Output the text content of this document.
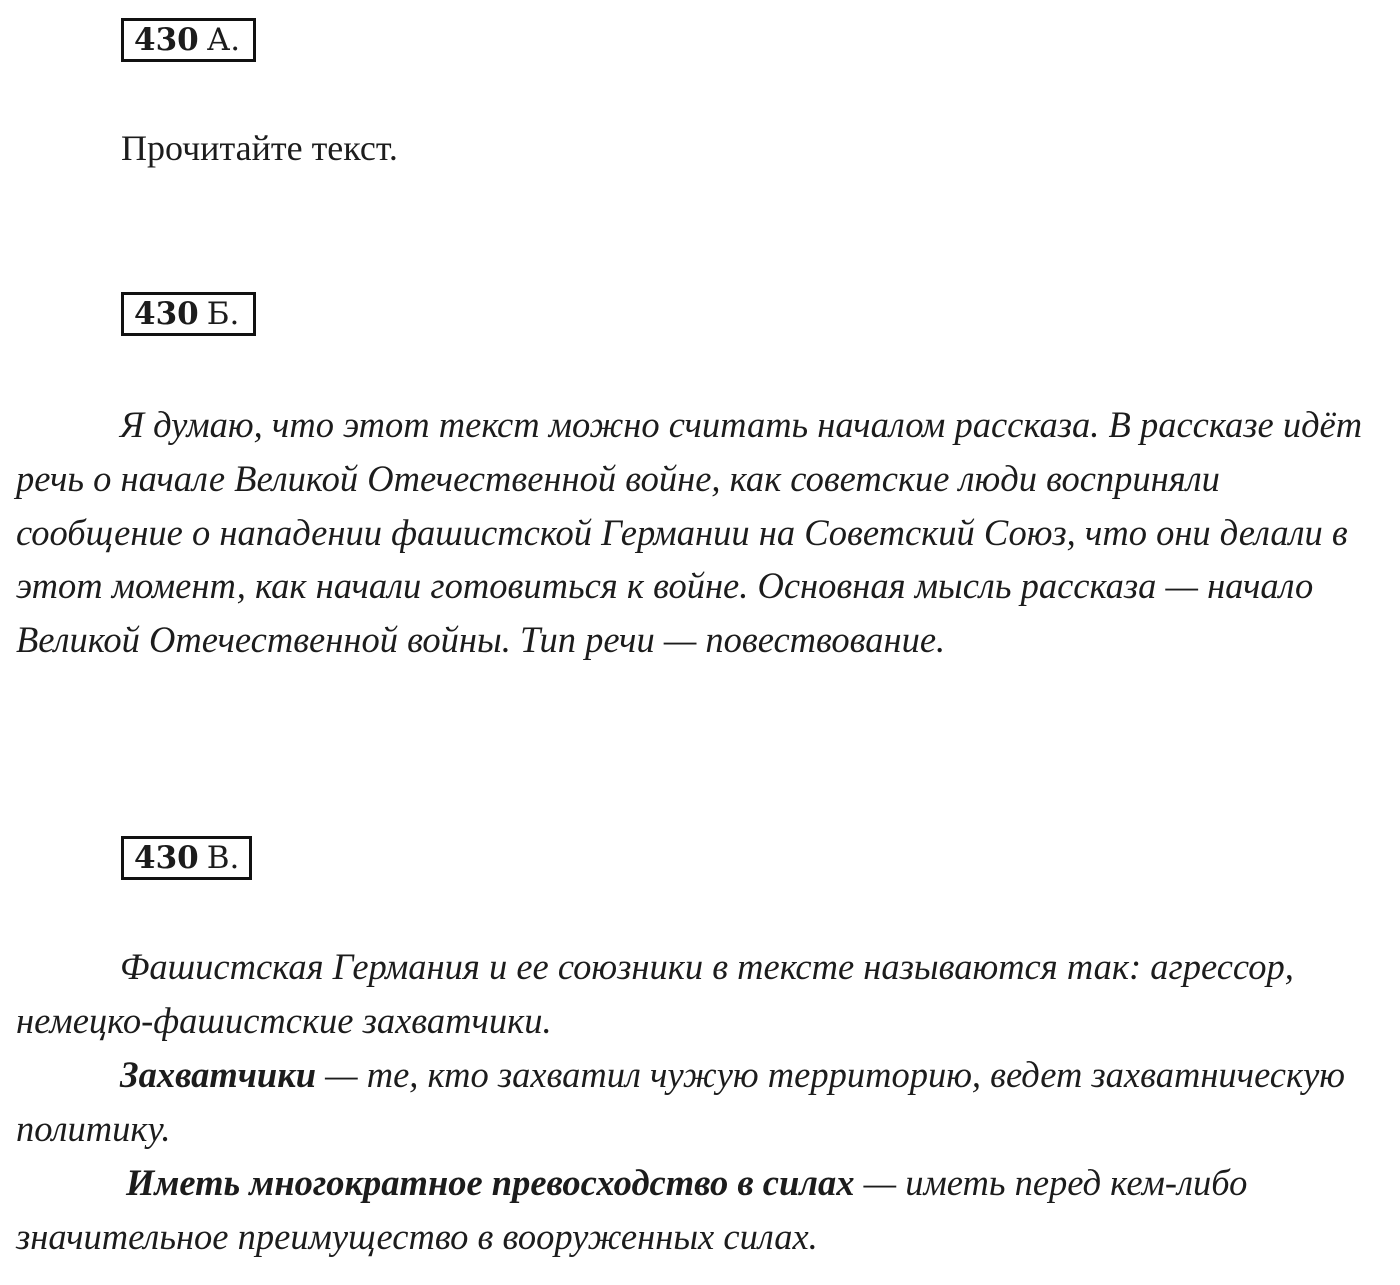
430 А.
Прочитайте текст.
430 Б.

Я думаю, что этот текст можно считать началом рассказа. В рассказе идёт речь о начале Великой Отечественной войне, как советские люди восприняли сообщение о нападении фашистской Германии на Советский Союз, что они делали в этот момент, как начали готовиться к войне. Основная мысль рассказа — начало Великой Отечественной войны. Тип речи — повествование.

430 В.

Фашистская Германия и ее союзники в тексте называются так: агрессор, немецко-фашистские захватчики.

Захватчики — те, кто захватил чужую территорию, ведет захватническую политику.

Иметь многократное превосходство в силах — иметь перед кем-либо значительное преимущество в вооруженных силах.
